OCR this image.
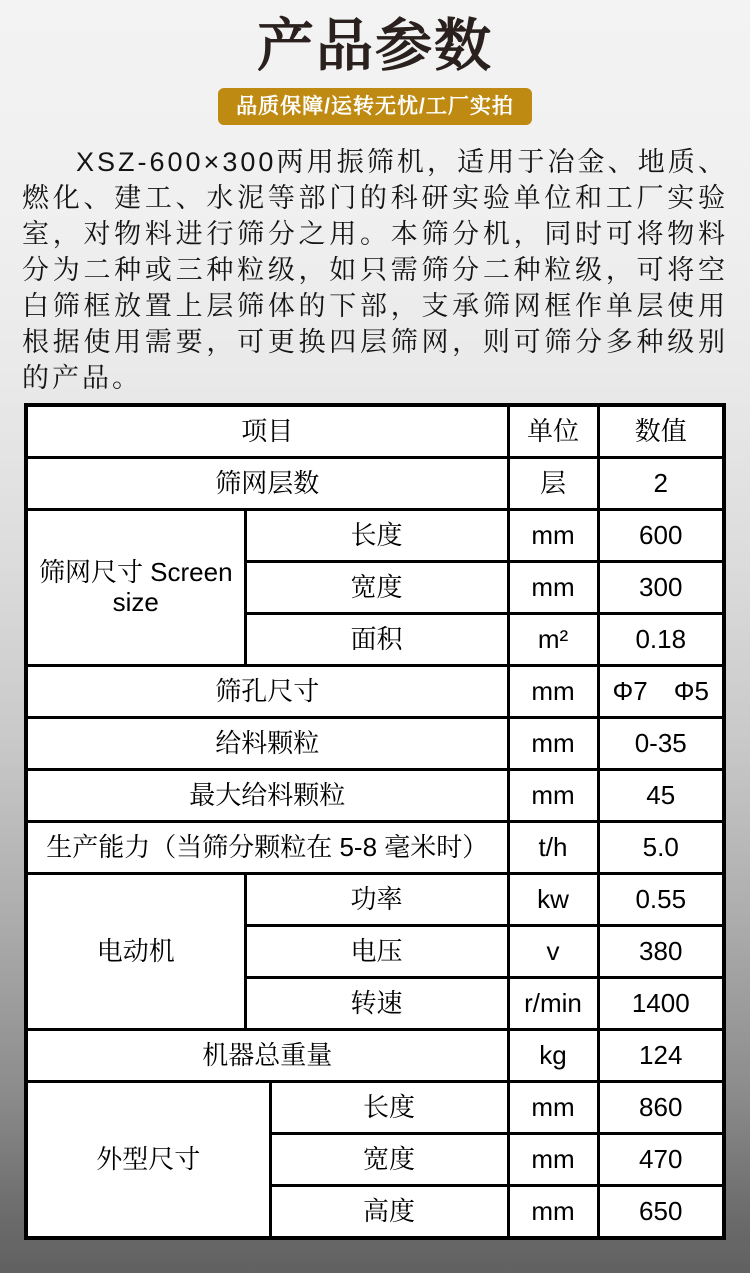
产品参数
品质保障/运转无忧/工厂实拍

XSZ-600×300两用振筛机，适用于冶金、地质、燃化、建工、水泥等部门的科研实验单位和工厂实验室，对物料进行筛分之用。本筛分机，同时可将物料分为二种或三种粒级，如只需筛分二种粒级，可将空白筛框放置上层筛体的下部，支承筛网框作单层使用根据使用需要，可更换四层筛网，则可筛分多种级别的产品。

项目			单位	数值
筛网层数			层	2
筛网尺寸 Screen size	长度		mm	600
	宽度		mm	300
	面积		m²	0.18
筛孔尺寸			mm	Φ7　Φ5
给料颗粒			mm	0-35
最大给料颗粒			mm	45
生产能力（当筛分颗粒在 5-8 毫米时）			t/h	5.0
电动机	功率		kw	0.55
	电压		v	380
	转速		r/min	1400
机器总重量			kg	124
外型尺寸		长度	mm	860
		宽度	mm	470
		高度	mm	650
